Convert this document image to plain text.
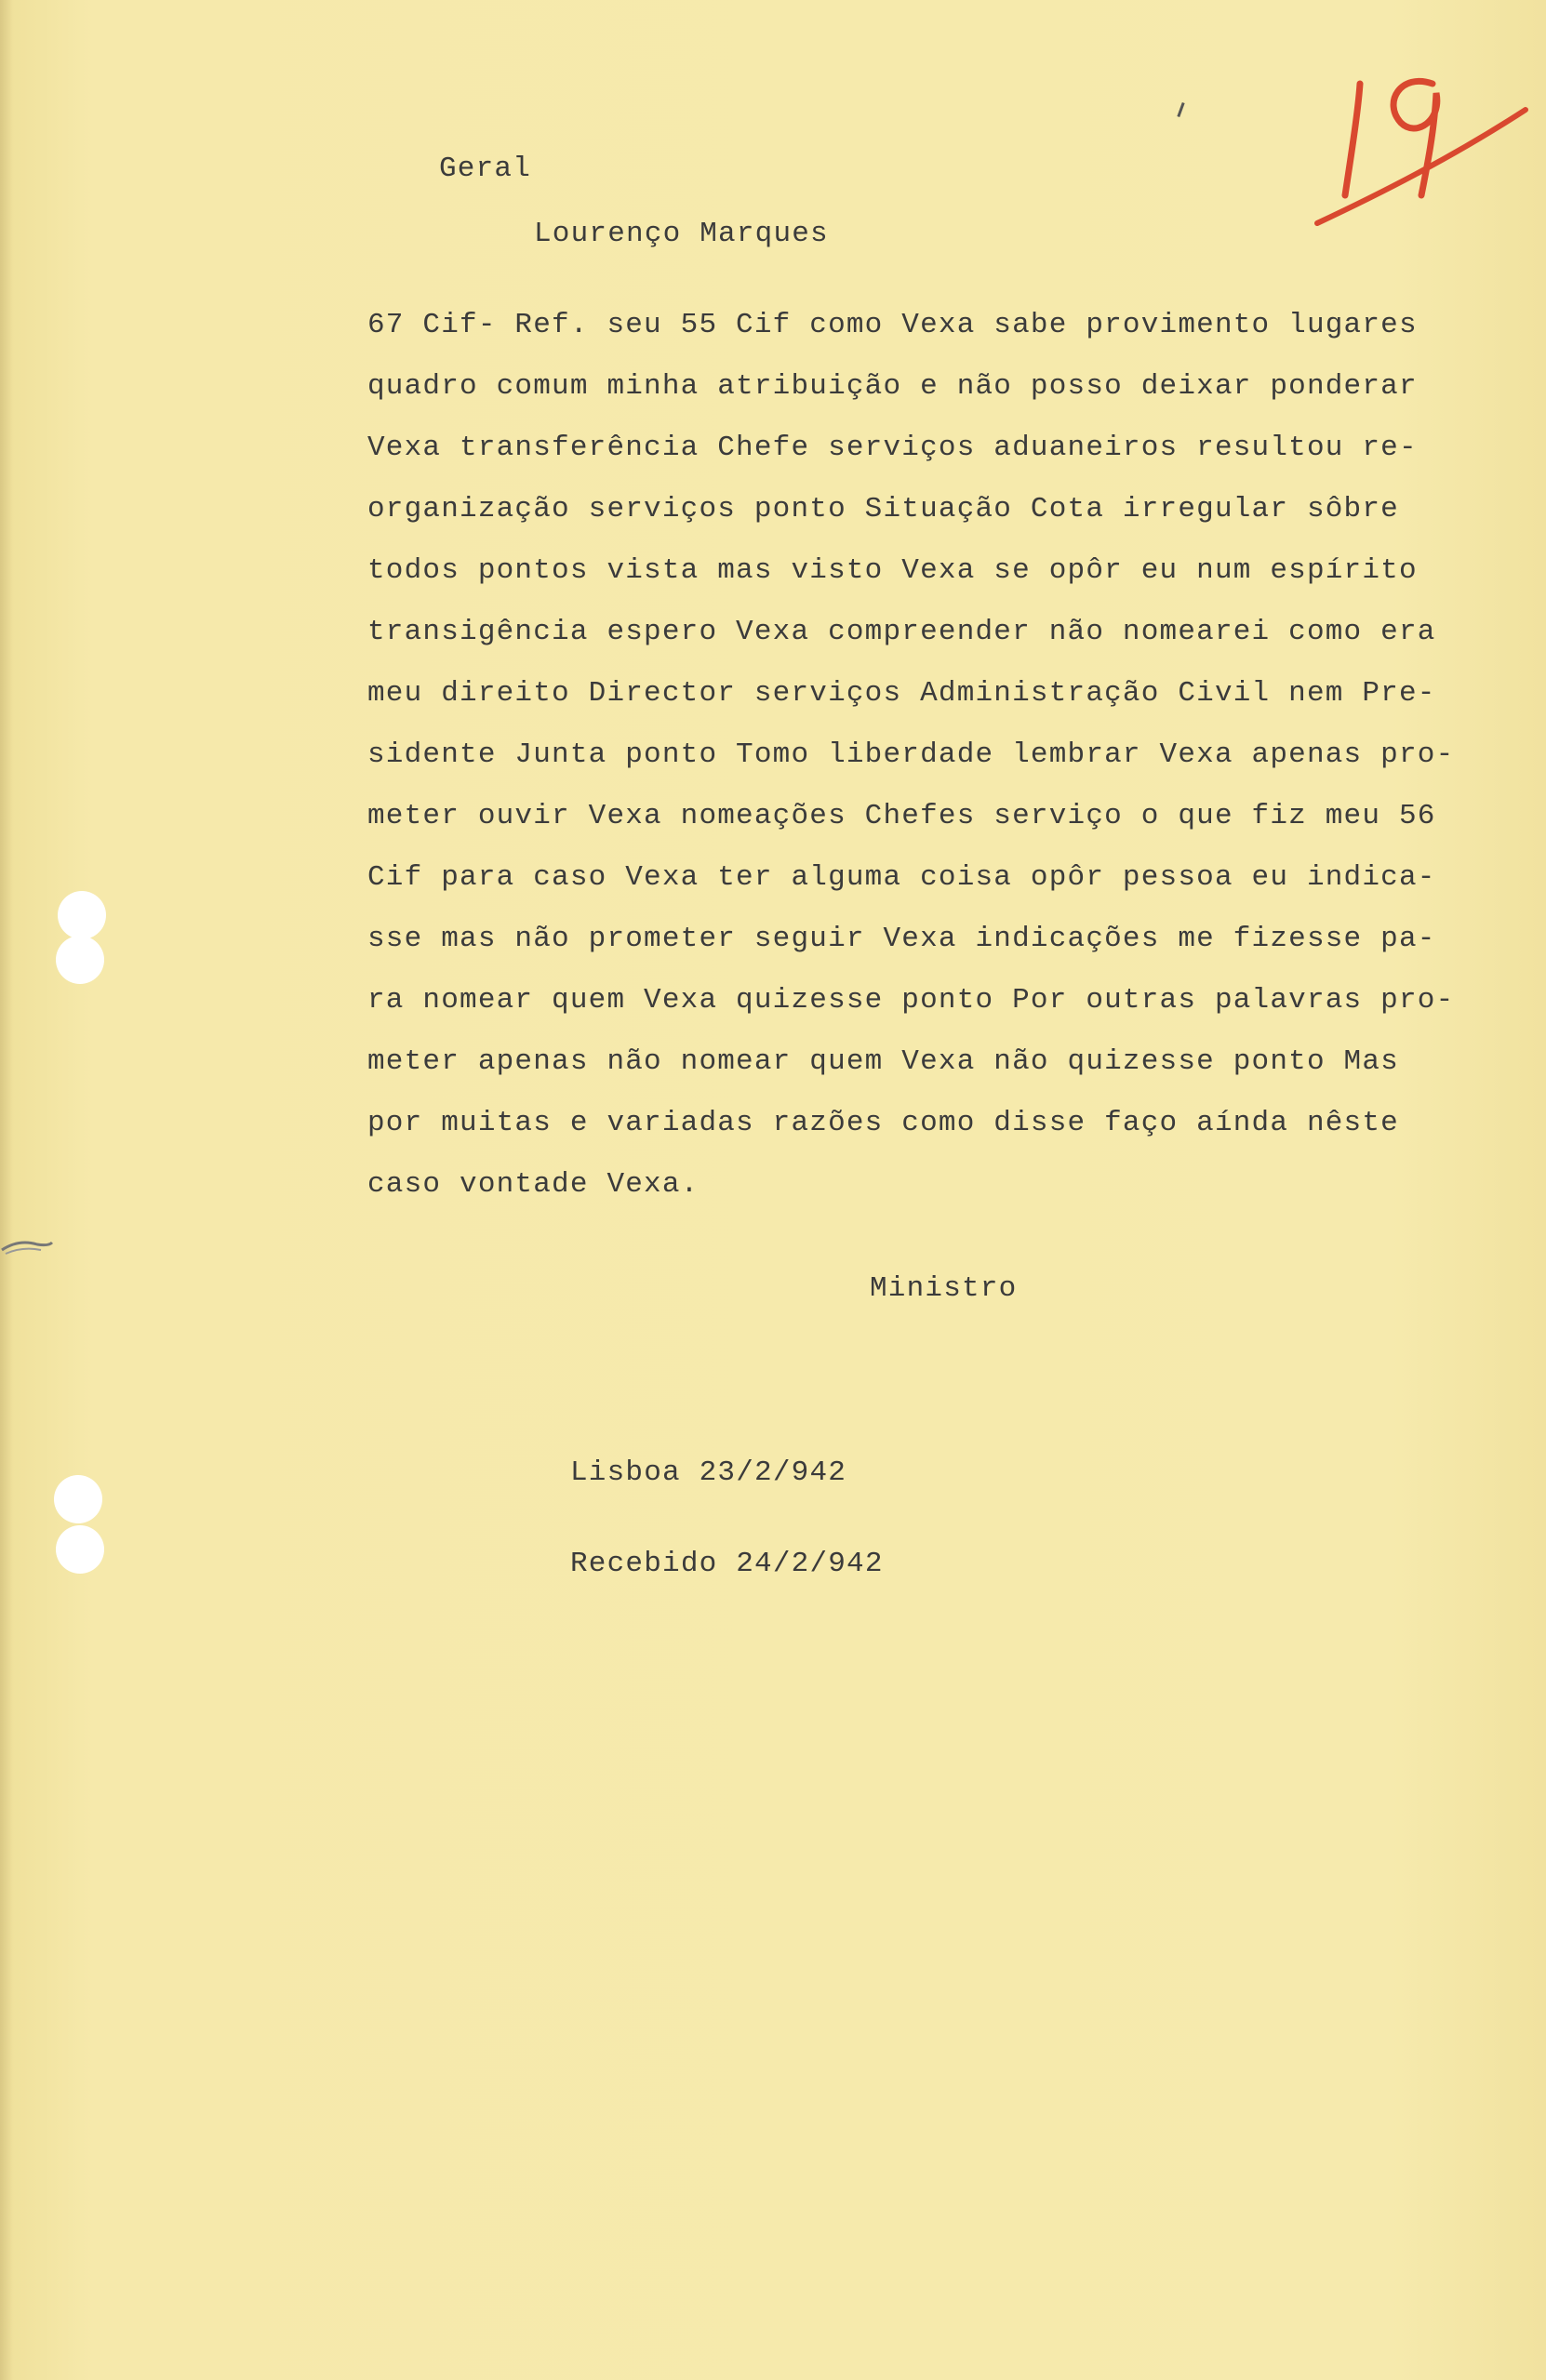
Geral
Lourenço Marques
67 Cif- Ref. seu 55 Cif como Vexa sabe provimento lugares
quadro comum minha atribuição e não posso deixar ponderar
Vexa transferência Chefe serviços aduaneiros resultou re-
organização serviços ponto Situação Cota irregular sôbre
todos pontos vista mas visto Vexa se opôr eu num espírito
transigência espero Vexa compreender não nomearei como era
meu direito Director serviços Administração Civil nem Pre-
sidente Junta ponto Tomo liberdade lembrar Vexa apenas pro-
meter ouvir Vexa nomeações Chefes serviço o que fiz meu 56
Cif para caso Vexa ter alguma coisa opôr pessoa eu indica-
sse mas não prometer seguir Vexa indicações me fizesse pa-
ra nomear quem Vexa quizesse ponto Por outras palavras pro-
meter apenas não nomear quem Vexa não quizesse ponto Mas
por muitas e variadas razões como disse faço aínda nêste
caso vontade Vexa.
Ministro
Lisboa 23/2/942
Recebido 24/2/942
